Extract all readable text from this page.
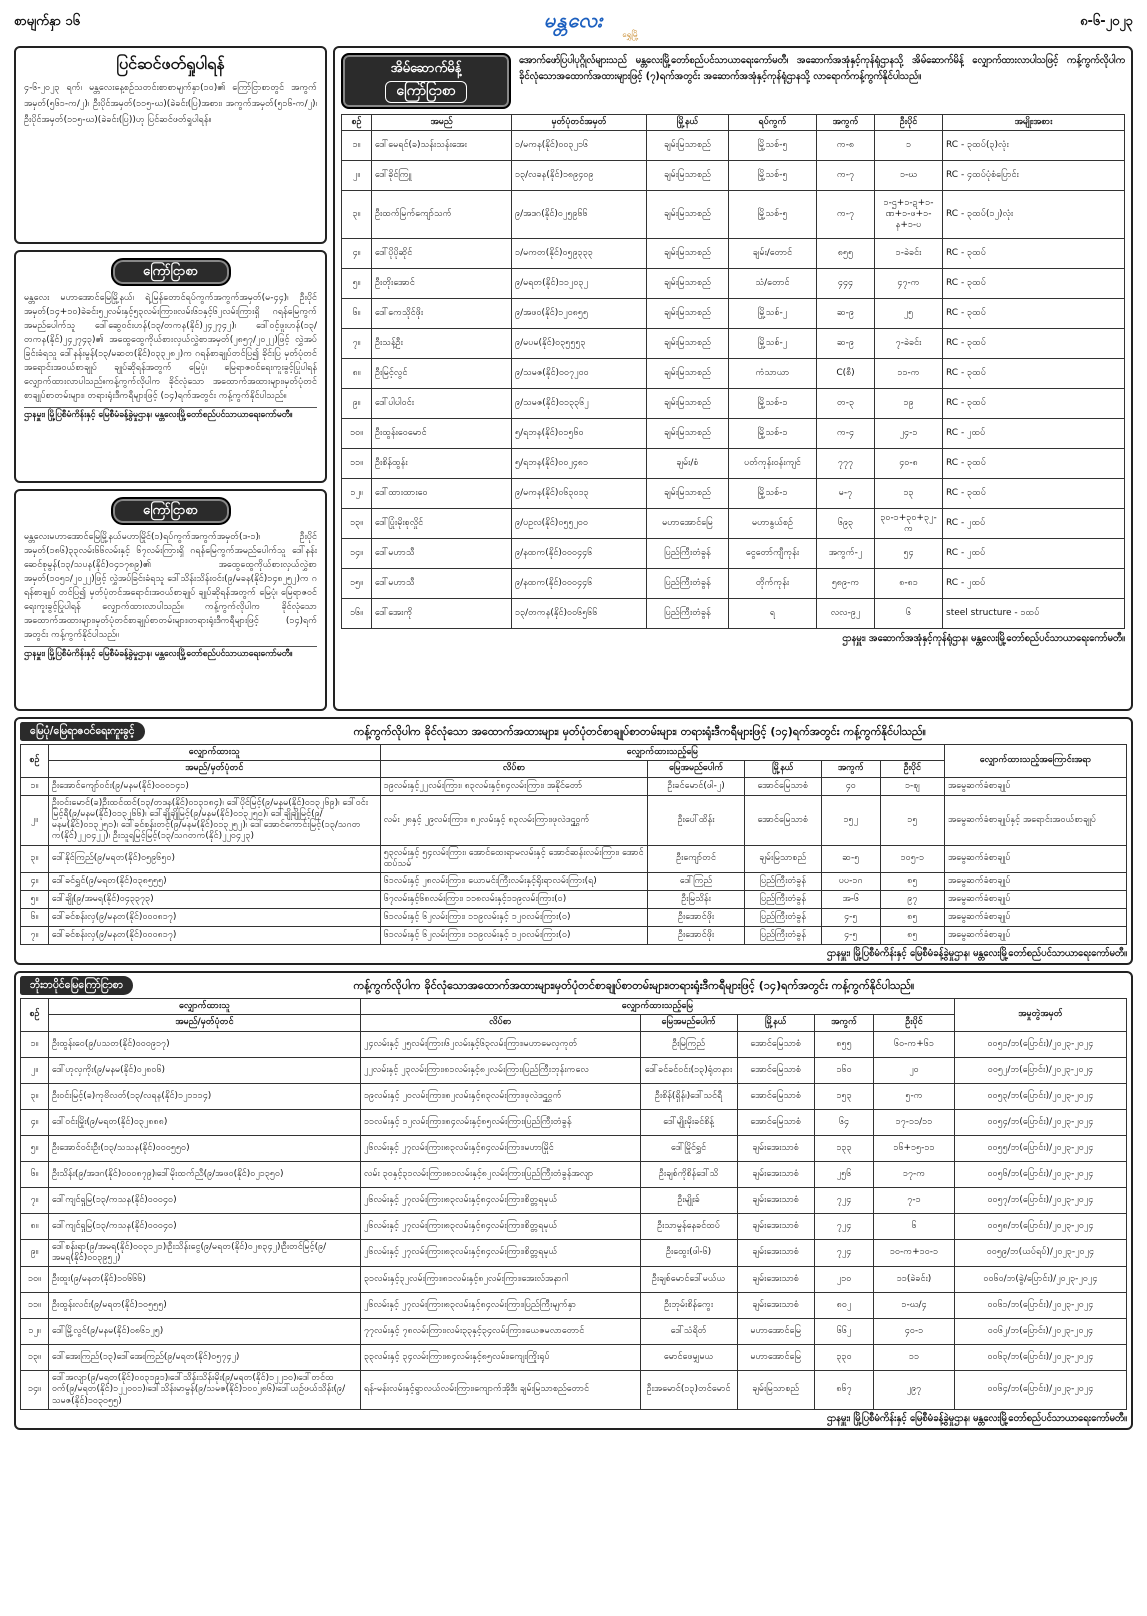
စာမျက်နှာ ၁၆	မန္တလေး
ရွှေမြို့
၈-၆-၂၀၂၃
ပြင်ဆင်ဖတ်ရှုပါရန်

၄-၆-၂၀၂၃ ရက်၊ မန္တလေးနေ့စဉ်သတင်းစာစာမျက်နှာ(၁၀)၏ ကြော်ငြာစာတွင် အကွက်အမှတ်(၅၆၁-က/၂)၊ ဦးပိုင်အမှတ်(၁၁၅-ဃ)(ခဲခင်း(ပြ)အစား၊ အကွက်အမှတ်(၅၁၆-က/၂)၊ ဦးပိုင်အမှတ်(၁၁၅-ဃ)(ခဲခင်း(ပြ))ဟု ပြင်ဆင်ဖတ်ရှုပါရန်။

ကြော်ငြာစာ

မန္တလေး မဟာအောင်မြေမြို့နယ်၊ ရဲ့မြန်တောင်ရပ်ကွက်အကွက်အမှတ်(မ-၄၄)၊ ဦးပိုင်အမှတ်(၁၄+၁၀)ခဲခင်း၅၂လမ်းနှင့်၅၃လမ်းကြား၊လမ်း၆၁နှင့်၆၂လမ်းကြားရှိ ဂရန်မြေကွက်အမည်ပေါက်သူ ဒေါ်ဆွေဝင်းဟန်(၁၃/တကန(နိုင်)၂၄၂၇၄၂)၊ ဒေါ်ဝင့်ဖူးဟန်(၁၃/တကန(နိုင်)၂၄၂၇၄၃)၏ အထွေထွေကိုယ်စားလှယ်လွှဲစာအမှတ်(၂၈၅၇/၂၀၂၂)ဖြင့် လွှဲအပ်ခြင်းခံရသူ ဒေါ်နန်းမွန်(၁၃/မဆတ(နိုင်)၀၃၃၂၈၂)က ဂရန်စာချုပ်တင်ပြ၍ ခိုင်းပြ မှတ်ပုံတင်အရောင်းအဝယ်စာချုပ် ချုပ်ဆိုရန်အတွက် မြေပုံ၊ မြေရာဇဝင်ရေးကူးခွင့်ပြုပါရန် လျှောက်ထားလာပါသည်။ကန့်ကွက်လိုပါက ခိုင်လုံသော အထောက်အထားများ၊မှတ်ပုံတင်စာချုပ်စာတမ်းများ၊ တရားရုံးဒီကရီများဖြင့် (၁၄)ရက်အတွင်း ကန့်ကွက်နိုင်ပါသည်။

ဌာနမှူး၊ မြို့ပြစီမံကိန်းနှင့် မြေစီမံခန့်ခွဲမှုဌာန၊ မန္တလေးမြို့တော်စည်ပင်သာယာရေးကော်မတီ။
ကြော်ငြာစာ

မန္တလေးမဟာအောင်မြေမြို့နယ်မဟာမြိုင်(၁)ရပ်ကွက်အကွက်အမှတ်(ဒ-၁)၊ ဦးပိုင်အမှတ်(၁၈၆)၃၃လမ်း၆၆လမ်းနှင့် ၆၇လမ်းကြားရှိ ဂရန်မြေကွက်အမည်ပေါက်သူ ဒေါ်နန်းဆေင်စုမွန်(၁၃/သပန(နိုင်)၀၄၁၇၈၉)၏ အထွေထွေကိုယ်စားလှယ်လွှဲစာအမှတ်(၁၀၅၁/၂၀၂၂)ဖြင့် လွှဲအပ်ခြင်းခံရသူ ဒေါ်သိန်းသိန်းဝင်း(၉/မခန(နိုင်)၁၄၈၂၅၂)က ဂရန်စာချုပ် တင်ပြ၍ မှတ်ပုံတင်အရောင်းအဝယ်စာချုပ် ချုပ်ဆိုရန်အတွက် မြေပုံ၊ မြေရာဇဝင်ရေးကူးခွင့်ပြုပါရန် လျှောက်ထားလာပါသည်။ ကန့်ကွက်လိုပါက ခိုင်လုံသော အထောက်အထားများ၊မှတ်ပုံတင်စာချုပ်စာတမ်းများ၊တရားရုံးဒီကရီများဖြင့် (၁၄)ရက်အတွင်း ကန့်ကွက်နိုင်ပါသည်။

ဌာနမှူး၊ မြို့ပြစီမံကိန်းနှင့် မြေစီမံခန့်ခွဲမှုဌာန၊ မန္တလေးမြို့တော်စည်ပင်သာယာရေးကော်မတီ။
အိမ်ဆောက်မိန့်
ကြော်ငြာစာ
အောက်ဖော်ပြပါပုဂ္ဂိုလ်များသည် မန္တလေးမြို့တော်စည်ပင်သာယာရေးကော်မတီ၊ အဆောက်အအုံနှင့်ကုန်ရုံဌာနသို့ အိမ်ဆောက်မိန့် လျှောက်ထားလာပါသဖြင့် ကန့်ကွက်လိုပါက ခိုင်လုံသောအထောက်အထားများဖြင့် (၇)ရက်အတွင်း အဆောက်အအုံနှင့်ကုန်ရုံဌာနသို့ လာရောက်ကန့်ကွက်နိုင်ပါသည်။
စဉ်	အမည်	မှတ်ပုံတင်အမှတ်	မြို့နယ်	ရပ်ကွက်	အကွက်	ဦးပိုင်	အမျိုးအစား
၁။	ဒေါ်မေရင်(ခ)သန်းသန်းအေး	၁/မကန(နိုင်)၀၀၃၂၁၆	ချမ်းမြသာစည်	မြို့သစ်-၅	က-၈	၁	RC - ၃ထပ်(၃)လုံး
၂။	ဒေါ်ခိုင်ကြူ	၁၃/လခန(နိုင်)၁၈၉၄၀၉	ချမ်းမြသာစည်	မြို့သစ်-၅	က-၇	၁-ဃ	RC - ၄ထပ်ပုံစံပြောင်း
၃။	ဦးထက်မြက်ကျော်သက်	၉/အဒဂ(နိုင်)၀၂၅၉၆၆	ချမ်းမြသာစည်	မြို့သစ်-၅	က-၇	၁-ဌ+၁-ဍ+၁-ဏ+၁-ဖ+၁-န+၁-ပ	RC - ၃ထပ်(၁၂)လုံး
၄။	ဒေါ်ပိုပိုဆိုင်	၁/မကတ(နိုင်)၀၅၉၃၃၃	ချမ်းမြသာစည်	ချမ်း/တောင်	၈၅၅	၁-ခဲခင်း	RC - ၃ထပ်
၅။	ဦးတိုးအောင်	၉/မရတ(နိုင်)၁၁၂၀၃၂	ချမ်းမြသာစည်	သံ/တောင်	၄၄၄	၄၇-က	RC - ၃ထပ်
၆။	ဒေါ်ကေသိုင်ဖိုး	၉/အဖဝ(နိုင်)၁၂၀၈၅၅	ချမ်းမြသာစည်	မြို့သစ်-၂	ဆ-၉	၂၅	RC - ၃ထပ်
၇။	ဦးသန့်ဦး	၉/မပမ(နိုင်)၀၃၅၅၅၃	ချမ်းမြသာစည်	မြို့သစ်-၂	ဆ-၉	၇-ခဲခင်း	RC - ၃ထပ်
၈။	ဦးမြင့်လွင်	၉/သမဇ(နိုင်)၀၀၇၂၀၀	ချမ်းမြသာစည်	ကံသာယာ	C(စီ)	၁၁-က	RC - ၃ထပ်
၉။	ဒေါ်ပါပါဝင်း	၉/သမဇ(နိုင်)၀၁၃၃၆၂	ချမ်းမြသာစည်	မြို့သစ်-၁	တ-၃	၁၉	RC - ၃ထပ်
၁၀။	ဦးထွန်းဝေမောင်	၅/ရဘန(နိုင်)၀၁၅၆၀	ချမ်းမြသာစည်	မြို့သစ်-၁	က-၄	၂၄-၁	RC - ၂ထပ်
၁၁။	ဦးစိန်ထွန်း	၅/ရဘန(နိုင်)၀၀၂၄၈၁	ချမ်း/စံ	ပတ်ကုန်းဝန်းကျင်	၇၇၇	၄၀-၈	RC - ၃ထပ်
၁၂။	ဒေါ်ထားထားဝေ	၉/မကန(နိုင်)၀၆၃၀၁၃	ချမ်းမြသာစည်	မြို့သစ်-၁	မ-၇	၁၃	RC - ၃ထပ်
၁၃။	ဒေါ်ပြုံးမိုးစုလှိုင်	၉/ပဥလ(နိုင်)၀၅၅၂၀၀	မဟာအောင်မြေ	မဟာနွယ်စဉ်	၆၉၃	၃၀-၁+၃၀+၃၂-က	RC - ၂ထပ်
၁၄။	ဒေါ်မဟာသီ	၉/နထက(နိုင်)၀၀၀၄၄၆	ပြည်ကြီးတံခွန်	ငွေတော်ကျီကုန်း	အကွက်-၂	၅၄	RC - ၂ထပ်
၁၅။	ဒေါ်မဟာသီ	၉/နထက(နိုင်)၀၀၀၄၄၆	ပြည်ကြီးတံခွန်	တိုက်ကုန်း	၅၈၉-က	၈-၈၁	RC - ၂ထပ်
၁၆။	ဒေါ်အေးကို	၁၃/တကန(နိုင်)၀၀၆၅၆၆	ပြည်ကြီးတံခွန်	ရ	လလ-၉၂	၆	steel structure - ၁ထပ်
ဌာနမှူး၊ အဆောက်အအုံနှင့်ကုန်ရုံဌာန၊ မန္တလေးမြို့တော်စည်ပင်သာယာရေးကော်မတီ။
မြေပုံ/မြေရာဇဝင်ရေးကူးခွင့်	ကန့်ကွက်လိုပါက ခိုင်လုံသော အထောက်အထားများ၊ မှတ်ပုံတင်စာချုပ်စာတမ်းများ၊ တရားရုံးဒီကရီများဖြင့် (၁၄)ရက်အတွင်း ကန့်ကွက်နိုင်ပါသည်။
စဉ်	လျှောက်ထားသူ	လျှောက်ထားသည့်မြေ					လျှောက်ထားသည့်အကြောင်းအရာ
	အမည်/မှတ်ပုံတင်	လိပ်စာ	မြေအမည်ပေါက်	မြို့နယ်	အကွက်	ဦးပိုင်	
၁။	ဦးအောင်ကျော်ဝင်း(၉/မနမ(နိုင်)၀၀၀၁၄၁)	၁၉လမ်းနှင့်၂၂လမ်းကြား၊ ၈၃လမ်းနှင့်၈၄လမ်းကြား၊ အနိုင်တော်	ဦးခင်မောင်(ဖါ-၂)	အောင်မြေသာစံ	၄၀	၁-ဈ	အမွေဆက်ခံစာချုပ်
၂။	ဦးဝင်းမောင်(ခ)ဦးထင်ထင်(၁၃/တဒန(နိုင်)၀၁၃၁၈၄)၊ ဒေါ်ပိုင်မြင့်(၉/မနမ(နိုင်)၀၁၃၂၆၉)၊ ဒေါ်ဝင်းမြင့်ရီ(၉/မနမ(နိုင်)၀၁၃၂၆၆)၊ ဒေါ်ချိုချိုမြင့်(၉/မနမ(နိုင်)၀၁၃၂၅၀)၊ ဒေါ်ချိုချိုမြင့်(၉/မနမ(နိုင်)၀၁၃၂၅၁)၊ ဒေါ်ခင်စန်းတင့်(၉/မနမ(နိုင်)၀၁၃၂၅၂)၊ ဒေါ်အောင်ကောင်းမြင့်(၁၃/သဂတက(နိုင်)၂၂၀၄၂၂)၊ ဦးသူရမြင့်မြင့်(၁၃/သဂတက(နိုင်)၂၂၀၄၂၃)	လမ်း ၂၈နှင့် ၂၉လမ်းကြား၊ ၈၂လမ်းနှင့် ၈၃လမ်းကြား၊ဖုလဲဒဌ္ဌဝက်	ဦးပေါ်ထိန်း	အောင်မြေသာစံ	၁၅၂	၁၅	အမွေဆက်ခံစာချုပ်နှင့် အရောင်းအဝယ်စာချုပ်
၃။	ဒေါ်နိုင်ကြည်(၉/မရတ(နိုင်)၀၅၉၆၅၀)	၅၃လမ်းနှင့် ၅၄လမ်းကြား၊ အောင်ထေးရာမလမ်းနှင့် အောင်ဆန်းလမ်းကြား၊ အောင်ထပ်သမ်	ဦးကျော်တင်	ချမ်းမြသာစည်	ဆ-၅	၁၀၅-၁	အမွေဆက်ခံစာချုပ်
၄။	ဒေါ်ခင်ရွှင်(၉/မရတ(နိုင်)၀၃၈၅၅၅)	၆၁လမ်းနှင့် ၂၈လမ်းကြား၊ ယောမင်းကြီးလမ်းနှင့်ရိုးရာလမ်းကြား(ရ)	ဒေါ်ကြည်	ပြည်ကြီးတံခွန်	ပပ-၁ဂ	၈၅	အမွေဆက်ခံစာချုပ်
၅။	ဒေါ်ချို(၉/အမရ(နိုင်)၀၄၃၃၇၃)	၆၇လမ်းနှင့်၆၈လမ်းကြား၊ ၁၁၈လမ်းနှင့်၁၁၉လမ်းကြား(ဝ)	ဦးမြသိန်း	ပြည်ကြီးတံခွန်	အ-၆	၉၇	အမွေဆက်ခံစာချုပ်
၆။	ဒေါ်ခင်စန်းလှ(၉/မနတ(နိုင်)၀၀၀၈၁၇)	၆၁လမ်းနှင့် ၆၂လမ်းကြား၊ ၁၁၉လမ်းနှင့် ၁၂၀လမ်းကြား(ဝ)	ဦးအောင်ဖိုး	ပြည်ကြီးတံခွန်	၄-၅	၈၅	အမွေဆက်ခံစာချုပ်
၇။	ဒေါ်ခင်စန်းလှ(၉/မနတ(နိုင်)၀၀၀၈၁၇)	၆၁လမ်းနှင့် ၆၂လမ်းကြား၊ ၁၁၉လမ်းနှင့် ၁၂၀လမ်းကြား(ဝ)	ဦးအောင်ဖိုး	ပြည်ကြီးတံခွန်	၄-၅	၈၅	အမွေဆက်ခံစာချုပ်
ဌာနမှူး၊ မြို့ပြစီမံကိန်းနှင့် မြေစီမံခန့်ခွဲမှုဌာန၊ မန္တလေးမြို့တော်စည်ပင်သာယာရေးကော်မတီ။
ဘိုးဘပိုင်မြေကြော်ငြာစာ	ကန့်ကွက်လိုပါက ခိုင်လုံသောအထောက်အထားများ၊မှတ်ပုံတင်စာချုပ်စာတမ်းများ၊တရားရုံးဒီကရီများဖြင့် (၁၄)ရက်အတွင်း ကန့်ကွက်နိုင်ပါသည်။
စဉ်	လျှောက်ထားသူ	လျှောက်ထားသည့်မြေ					အမှုတွဲအမှတ်
	အမည်/မှတ်ပုံတင်	လိပ်စာ	မြေအမည်ပေါက်	မြို့နယ်	အကွက်	ဦးပိုင်	
၁။	ဦးထွန်းဝေ(၉/ပသတ(နိုင်)၀၀၀၉၁၇)	၂၄လမ်းနှင့် ၂၅လမ်းကြား၊၆၂လမ်းနှင့်၆၃လမ်းကြား၊မဟာမေလှကုတ်	ဦးမြကြည်	အောင်မြေသာစံ	၈၅၅	၆၀-က+၆၁	၀၀၅၁/ဘ(ပြောင်း)/၂၀၂၃-၂၀၂၄
၂။	ဒေါ်ဟုလှကိုး(၉/မနမ(နိုင်)၀၂၈၀၆)	၂၂လမ်းနှင့် ၂၃လမ်းကြား၊၈၁လမ်းနှင့်၈၂လမ်းကြား၊ပြည်ကြီးဘုန်းကလေ	ဒေါ်ခင်ခင်ဝင်း(၁၃)ရုံတနား	အောင်မြေသာစံ	၁၆၀	၂၀	၀၀၅၂/ဘ(ပြောင်း)/၂၀၂၃-၂၀၂၄
၃။	ဦးဝင်းမြင့်(ခ)ကုဗိလတ်(၁၃/လရန(နိုင်)၁၂၁၁၁၄)	၁၉လမ်းနှင့် ၂၀လမ်းကြား၊၈၂လမ်းနှင့်၈၃လမ်းကြား၊ဖုလဲဒဌ္ဌဝက်	ဦးစိန်(ရှိန်၊)ဒေါ်သင်ရီ	အောင်မြေသာစံ	၁၅၃	၅-က	၀၀၅၃/ဘ(ပြောင်း)/၂၀၂၃-၂၀၂၄
၄။	ဒေါ်ဝင်းမြိုး(၉/မရတ(နိုင်)၀၃၂၈၈၈)	၁၁လမ်းနှင့် ၁၂လမ်းကြား၊၈၄လမ်းနှင့်၈၅လမ်းကြား၊ပြည်ကြီးတံခွန်	ဒေါ်မျိုးမိုးခင်စိန့်	အောင်မြေသာစံ	၆၄	၁၇-၁၁/၁၁	၀၀၅၄/ဘ(ပြောင်း)/၂၀၂၃-၂၀၂၄
၅။	ဦးအောင်ဝင်းဦး(၁၃/သသန(နိုင်)၀၀၀၅၅၀)	၂၆လမ်းနှင့် ၂၇လမ်းကြား၊၈၃လမ်းနှင့်၈၄လမ်းကြား၊မဟာမြိုင်	ဒေါ်မြိုင်ရွှင်	ချမ်းအေးသာစံ	၁၃၃	၁၆+၁၅-၁၁	၀၀၅၅/ဘ(ပြောင်း)/၂၀၂၃-၂၀၂၄
၆။	ဦးသိန်း(၉/အဒဂ(နိုင်)၀၀၀၈၇၉)၊ဒေါ်မိုးထက်ညီ(၉/အဖဝ(နိုင်)၀၂၁၃၅၀)	လမ်း ၃၀နှင့်၃၁လမ်းကြား၊၈၁လမ်းနှင့်၈၂လမ်းကြား၊ပြည်ကြီးတံခွန်အလျာ	ဦးချစ်ကိုစိန်ဒေါ်သိ	ချမ်းအေးသာစံ	၂၅၆	၁၇-က	၀၀၅၆/ဘ(ပြောင်း)/၂၀၂၃-၂၀၂၄
၇။	ဒေါ်ကျင်ရှုမြ(၁၃/ကသန(နိုင်)၀၀၀၄၀)	၂၆လမ်းနှင့် ၂၇လမ်းကြား၊၈၃လမ်းနှင့်၈၄လမ်းကြား၊စိတ္တရမုယ်	ဦးမျိုးခ်	ချမ်းအေးသာစံ	၇၂၄	၇-၁	၀၀၅၇/ဘ(ပြောင်း)/၂၀၂၃-၂၀၂၄
၈။	ဒေါ်ကျင်ရှုမြ(၁၃/ကသန(နိုင်)၀၀၀၄၀)	၂၆လမ်းနှင့် ၂၇လမ်းကြား၊၈၃လမ်းနှင့်၈၄လမ်းကြား၊စိတ္တရမုယ်	ဦးသာမွန်နေခင်ထပ်	ချမ်းအေးသာစံ	၇၂၄	၆	၀၀၅၈/ဘ(ပြောင်း)/၂၀၂၃-၂၀၂၄
၉။	ဒေါ်စန်းရာ(၉/အမရ(နိုင်)၀၀၃၁၂၁)၊ဦးသိန်းငွေ(၉/မရတ(နိုင်)၀၂၈၃၄၂)၊ဦးတင်မြင့်(၉/အမရ(နိုင်)၀၀၃၉၅၂)	၂၆လမ်းနှင့် ၂၇လမ်းကြား၊၈၃လမ်းနှင့်၈၄လမ်းကြား၊စိတ္တရမုယ်	ဦးထွေး(ဖါ-၆)	ချမ်းအေးသာစံ	၇၂၄	၁၀-က+၁၀-၁	၀၀၅၉/ဘ(ယပ်ရပ်)/၂၀၂၃-၂၀၂၄
၁၀။	ဦးထူး(၉/မနတ(နိုင်)၁၀၆၆၆)	၃၁လမ်းနှင့်၃၂လမ်းကြား၊၈၁လမ်းနှင့်၈၂လမ်းကြား၊အေးလ်အနာဂါ	ဦးချစ်မောင်ဒေါ်မယ်ယ	ချမ်းအေးသာစံ	၂၁၀	၁၁(ခဲခင်း)	၀၀၆၀/ဘ(ခွဲ/ပြောင်း)/၂၀၂၃-၂၀၂၄
၁၁။	ဦးထွန်းလင်း(၉/မရတ(နိုင်)၁၀၅၅၅)	၂၆လမ်းနှင့် ၂၇လမ်းကြား၊၈၃လမ်းနှင့်၈၄လမ်းကြား၊ပြည်ကြီးမျက်နှာ	ဦးဘုမ်းစိန်ကွေး	ချမ်းအေးသာစံ	၈၀၂	၁-ဃ/၄	၀၀၆၁/ဘ(ပြောင်း)/၂၀၂၃-၂၀၂၄
၁၂။	ဒေါ်မြို့လွင်(၉/မနမ(နိုင်)၀၈၆၁၂၅)	၇၇လမ်းနှင့် ၇၈လမ်းကြား၊လမ်း၃၃နှင့်၃၄လမ်းကြား၊ယေဇမလာတောင်	ဒေါ်သံရိတ်	မဟာအောင်မြေ	၆၆၂	၄၀-၁	၀၀၆၂/ဘ(ပြောင်း)/၂၀၂၃-၂၀၂၄
၁၃။	ဒေါ်အေးကြည်(၁၃)ဒေါ်အေးကြည်(၉/မရတ(နိုင်)၀၅၇၄၂)	၃၃လမ်းနှင့် ၃၄လမ်းကြား၊၈၄လမ်းနှင့်၈၅လမ်း၊ကျေးကြိုးရုပ်	မောင်ဖေမျှမယ	မဟာအောင်မြေ	၃၃၀	၁၁	၀၀၆၃/ဘ(ပြောင်း)/၂၀၂၃-၂၀၂၄
၁၄။	ဒေါ်အလျာ(၉/မရတ(နိုင်)၀၀၃၁၉၁)၊ဒေါ်သိန်းသိန်းမိုး(၉/မရတ(နိုင်)၁၂၂၁၀)၊ဒေါ်တင်ထဝက်(၉/မရတ(နိုင်)၁၂၂၀၀၁)၊ဒေါ်သိန်းမာမွန်(၉/သမဇ(နိုင်)၁၀၀၂၈၆)၊ဒေါ်ယဉ်ဖယ်သိန်း(၉/သမဇ(နိုင်)၁၀၃၀၅၅)	ရန်-မန်းလမ်းနှင့်ရွာလယ်လမ်းကြား၊ကျောက်အိုဒီး ချမ်းမြသာစည်တောင်	ဦးအမောင်(၁၃)တင်မောင်	ချမ်းမြသာစည်	၈၆၇	၂၉၇	၀၀၆၄/ဘ(ပြောင်း)/၂၀၂၃-၂၀၂၄
ဌာနမှူး၊ မြို့ပြစီမံကိန်းနှင့် မြေစီမံခန့်ခွဲမှုဌာန၊ မန္တလေးမြို့တော်စည်ပင်သာယာရေးကော်မတီ။
